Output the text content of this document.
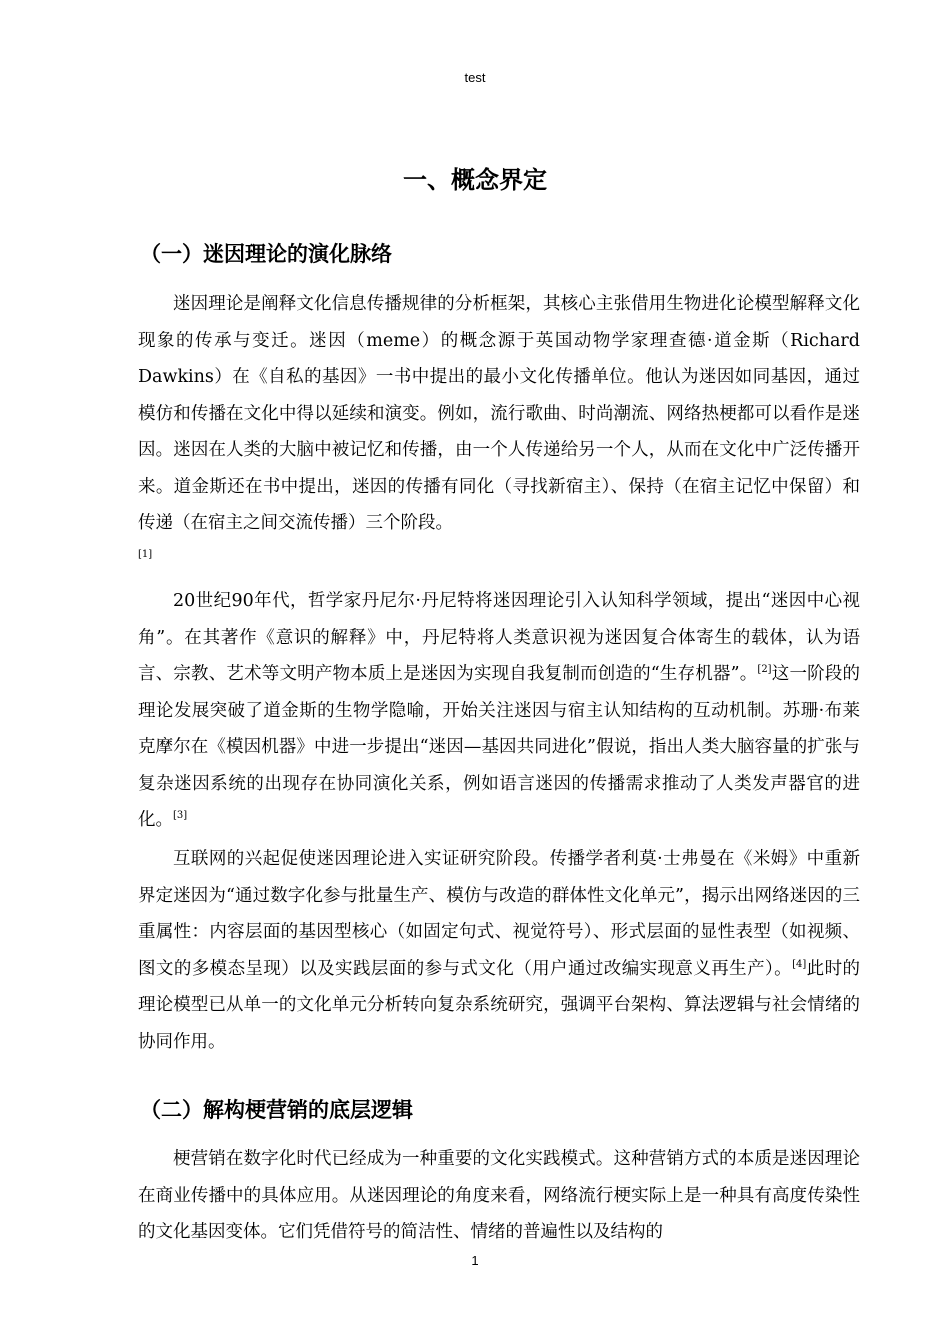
test
一、概念界定
（一）迷因理论的演化脉络

迷因理论是阐释文化信息传播规律的分析框架，其核心主张借用生物进化论模型解释文化现象的传承与变迁。迷因（meme）的概念源于英国动物学家理查德·道金斯（Richard Dawkins）在《自私的基因》一书中提出的最小文化传播单位。他认为迷因如同基因，通过模仿和传播在文化中得以延续和演变。例如，流行歌曲、时尚潮流、网络热梗都可以看作是迷因。迷因在人类的大脑中被记忆和传播，由一个人传递给另一个人，从而在文化中广泛传播开来。道金斯还在书中提出，迷因的传播有同化（寻找新宿主）、保持（在宿主记忆中保留）和传递（在宿主之间交流传播）三个阶段。
[1]

20世纪90年代，哲学家丹尼尔·丹尼特将迷因理论引入认知科学领域，提出“迷因中心视角”。在其著作《意识的解释》中，丹尼特将人类意识视为迷因复合体寄生的载体，认为语言、宗教、艺术等文明产物本质上是迷因为实现自我复制而创造的“生存机器”。[2]这一阶段的理论发展突破了道金斯的生物学隐喻，开始关注迷因与宿主认知结构的互动机制。苏珊·布莱克摩尔在《模因机器》中进一步提出“迷因—基因共同进化”假说，指出人类大脑容量的扩张与复杂迷因系统的出现存在协同演化关系，例如语言迷因的传播需求推动了人类发声器官的进化。[3]

互联网的兴起促使迷因理论进入实证研究阶段。传播学者利莫·士弗曼在《米姆》中重新界定迷因为“通过数字化参与批量生产、模仿与改造的群体性文化单元”，揭示出网络迷因的三重属性：内容层面的基因型核心（如固定句式、视觉符号）、形式层面的显性表型（如视频、图文的多模态呈现）以及实践层面的参与式文化（用户通过改编实现意义再生产）。[4]此时的理论模型已从单一的文化单元分析转向复杂系统研究，强调平台架构、算法逻辑与社会情绪的协同作用。

（二）解构梗营销的底层逻辑

梗营销在数字化时代已经成为一种重要的文化实践模式。这种营销方式的本质是迷因理论在商业传播中的具体应用。从迷因理论的角度来看，网络流行梗实际上是一种具有高度传染性的文化基因变体。它们凭借符号的简洁性、情绪的普遍性以及结构的

1
